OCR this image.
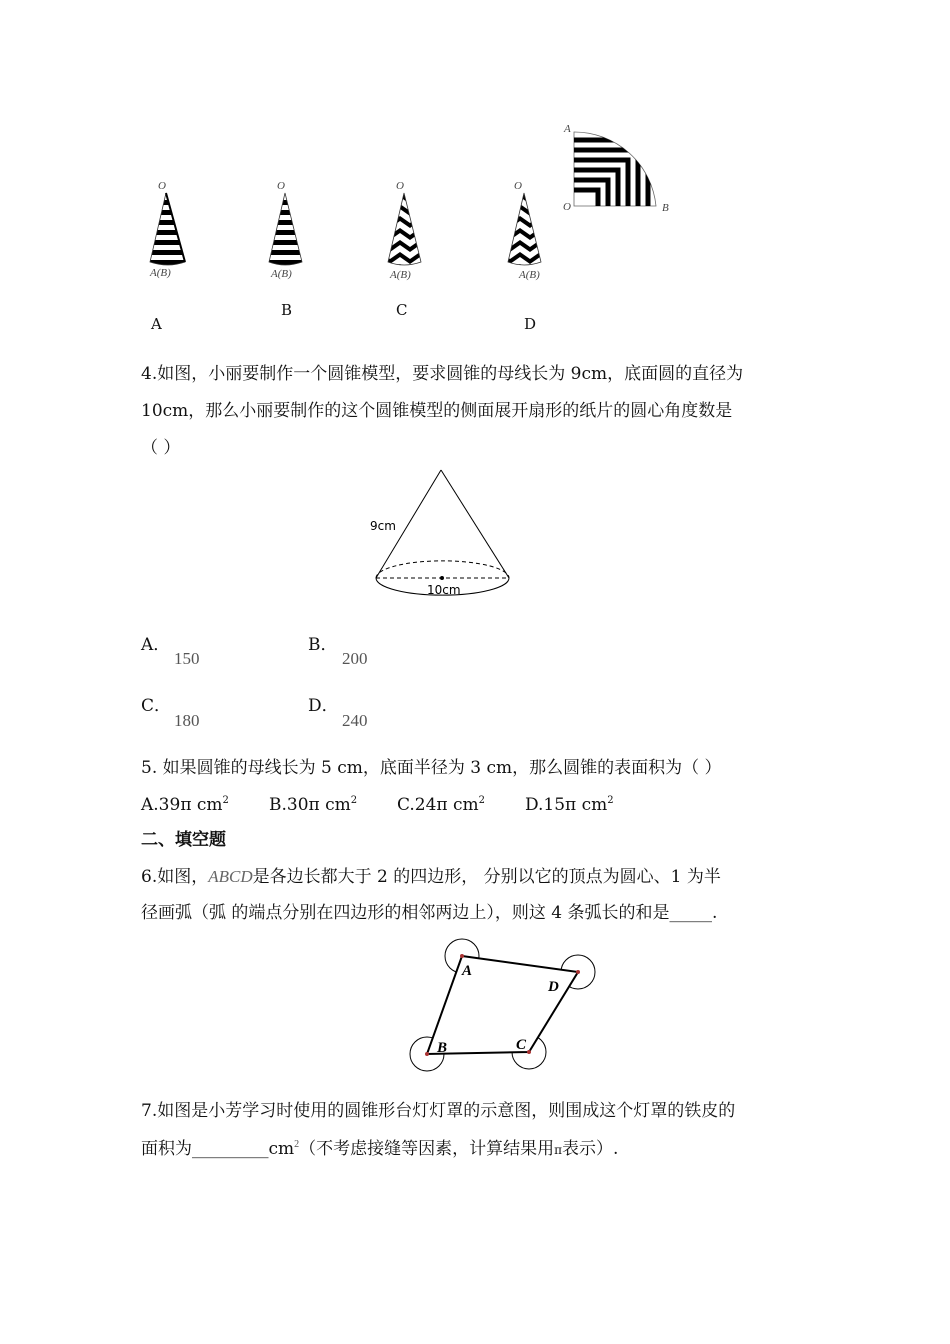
O	O	O	O
A(B)	A(B)	A(B)	A(B)
A
O	B
A
B	C
D
4.如图，小丽要制作一个圆锥模型，要求圆锥的母线长为 9cm，底面圆的直径为
10cm，那么小丽要制作的这个圆锥模型的侧面展开扇形的纸片的圆心角度数是
（ ）
9cm
10cm
A．
150
B．
200
C．
180
D．
240
5. 如果圆锥的母线长为 5 cm，底面半径为 3 cm，那么圆锥的表面积为（ ）
A.39π $cm^2$ B.30π $cm^2$ C.24π $cm^2$ D.15π $cm^2$
二、填空题
6.如图，ABCD是各边长都大于 2 的四边形， 分别以它的顶点为圆心、1 为半
径画弧（弧 的端点分别在四边形的相邻两边上），则这 4 条弧长的和是_____.
A
D
B	C
7.如图是小芳学习时使用的圆锥形台灯灯罩的示意图，则围成这个灯罩的铁皮的
面积为$\_\_\_\_\_\_\_\_\_cm^2$（不考虑接缝等因素，计算结果用π表示）.
